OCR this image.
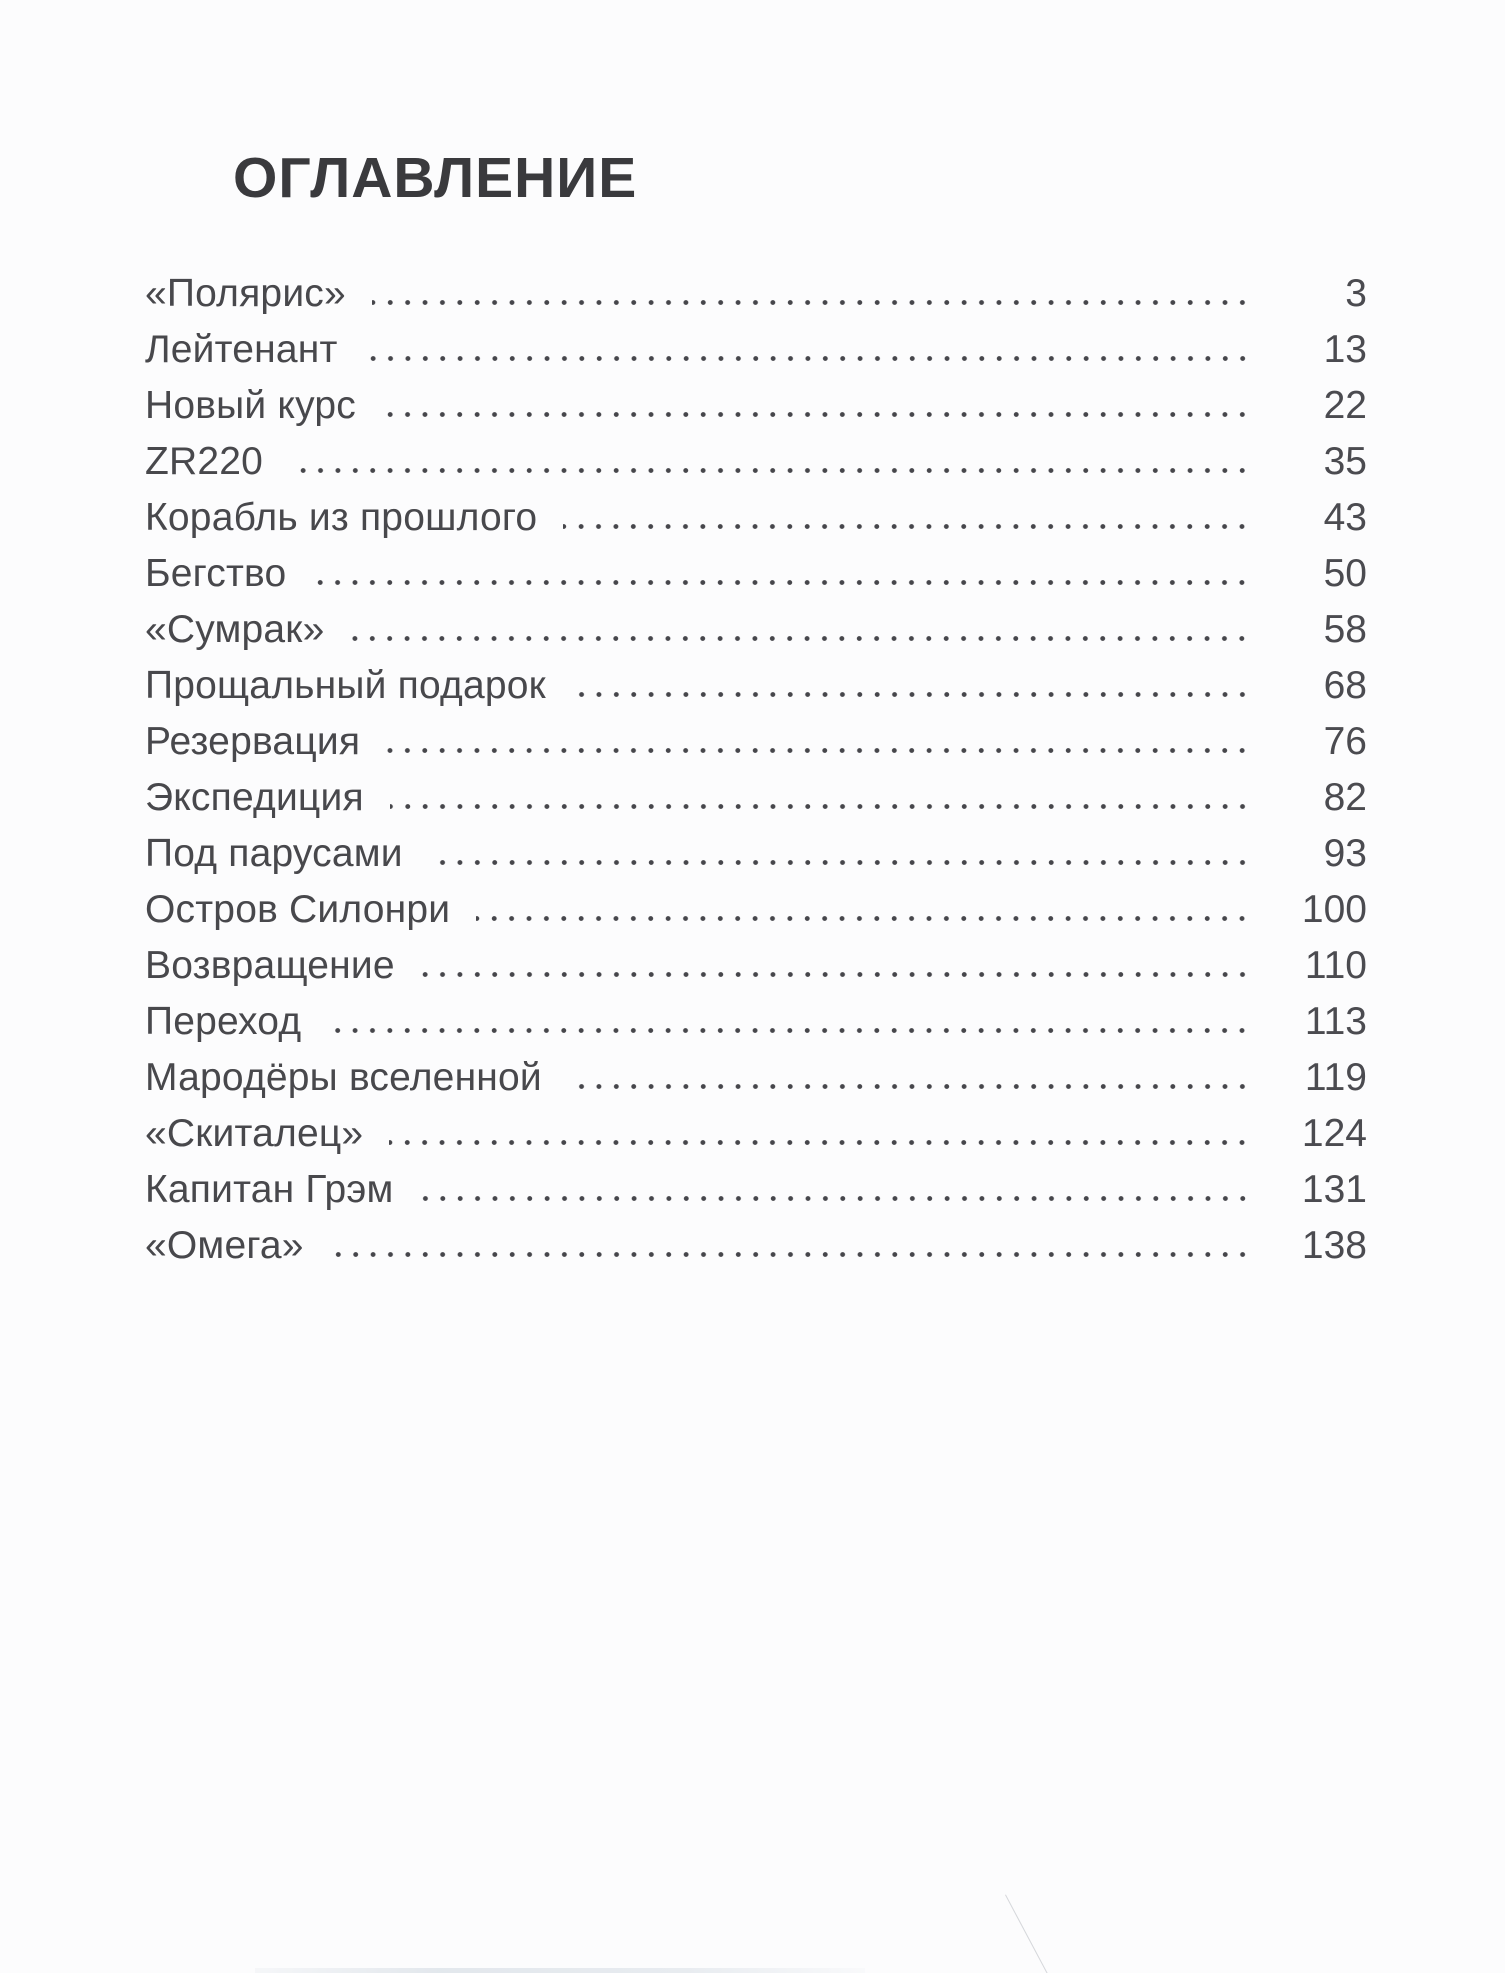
ОГЛАВЛЕНИЕ
«Полярис»	3
Лейтенант	13
Новый курс	22
ZR220	35
Корабль из прошлого	43
Бегство	50
«Сумрак»	58
Прощальный подарок	68
Резервация	76
Экспедиция	82
Под парусами	93
Остров Силонри	100
Возвращение	110
Переход	113
Мародёры вселенной	119
«Скиталец»	124
Капитан Грэм	131
«Омега»	138
